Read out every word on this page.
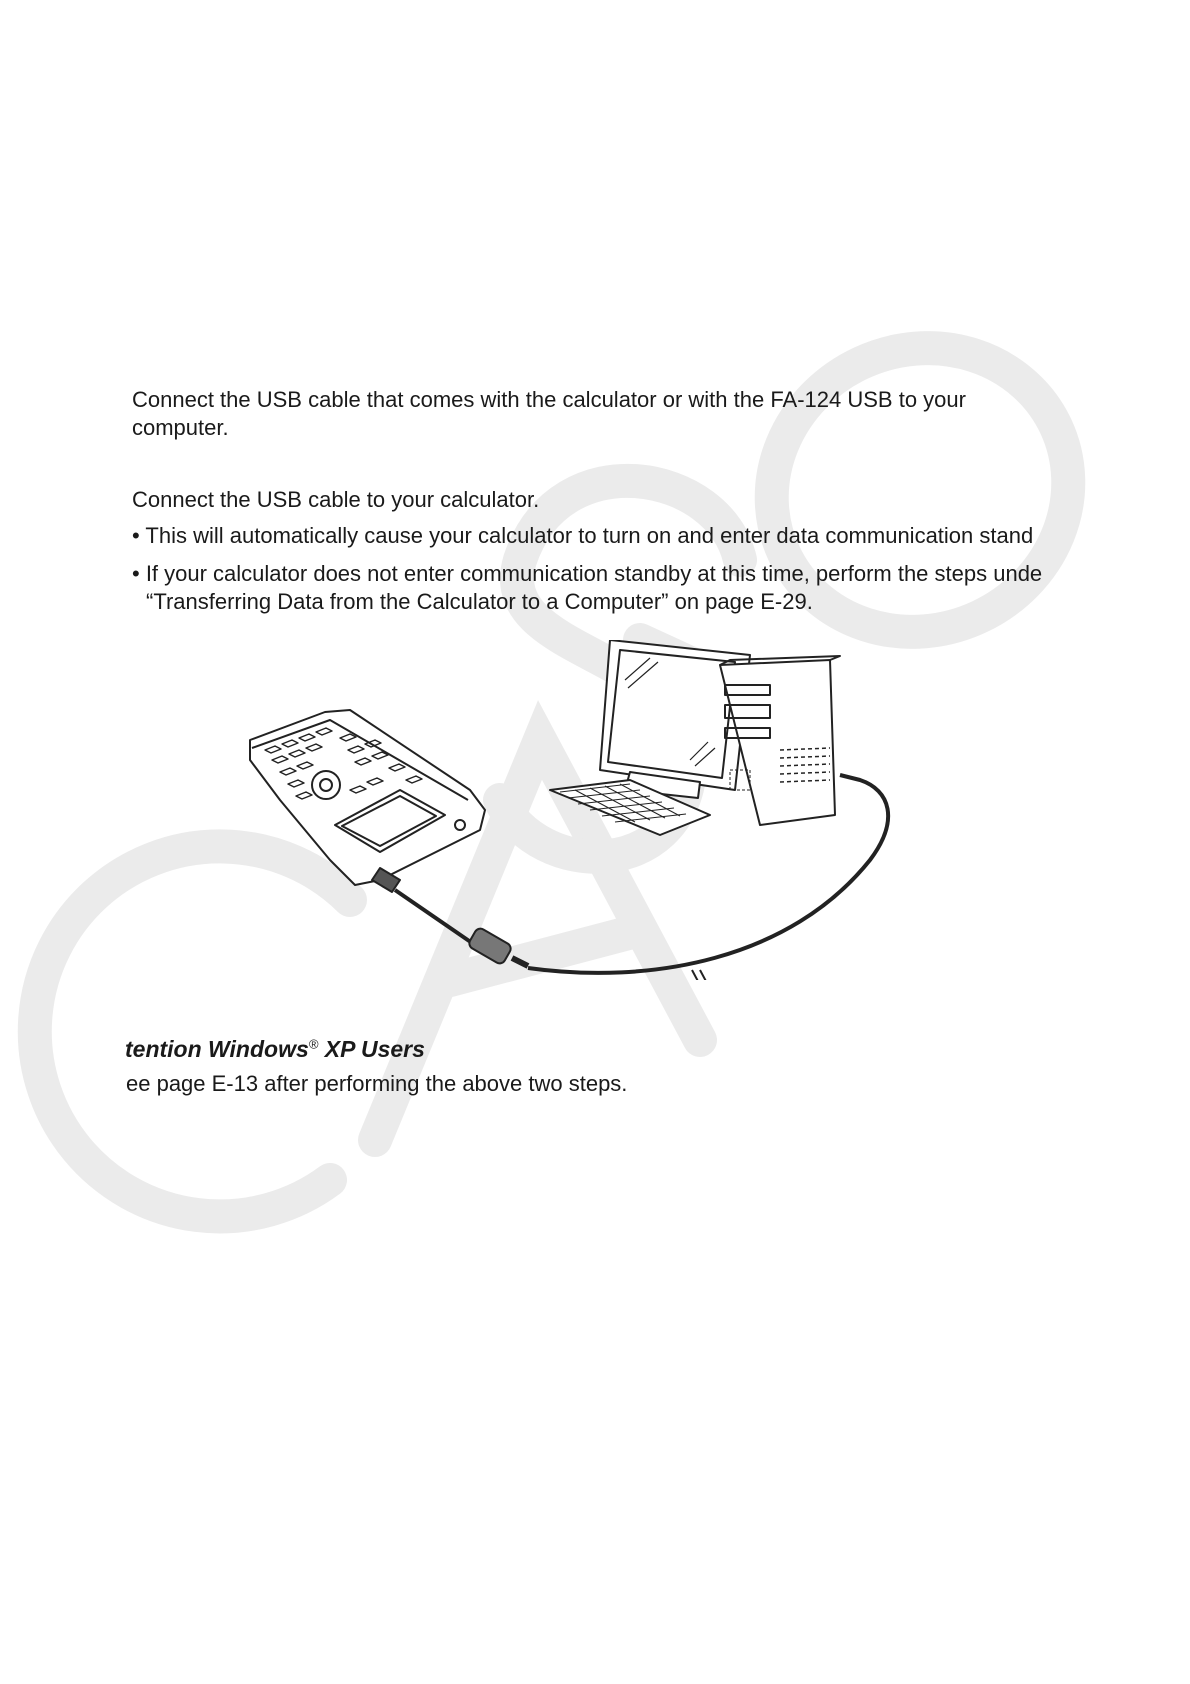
Connect the USB cable that comes with the calculator or with the FA-124 USB to your

computer.

Connect the USB cable to your calculator.

• This will automatically cause your calculator to turn on and enter data communication stand

• If your calculator does not enter communication standby at this time, perform the steps unde

“Transferring Data from the Calculator to a Computer” on page E-29.

tention Windows® XP Users

ee page E-13 after performing the above two steps.
